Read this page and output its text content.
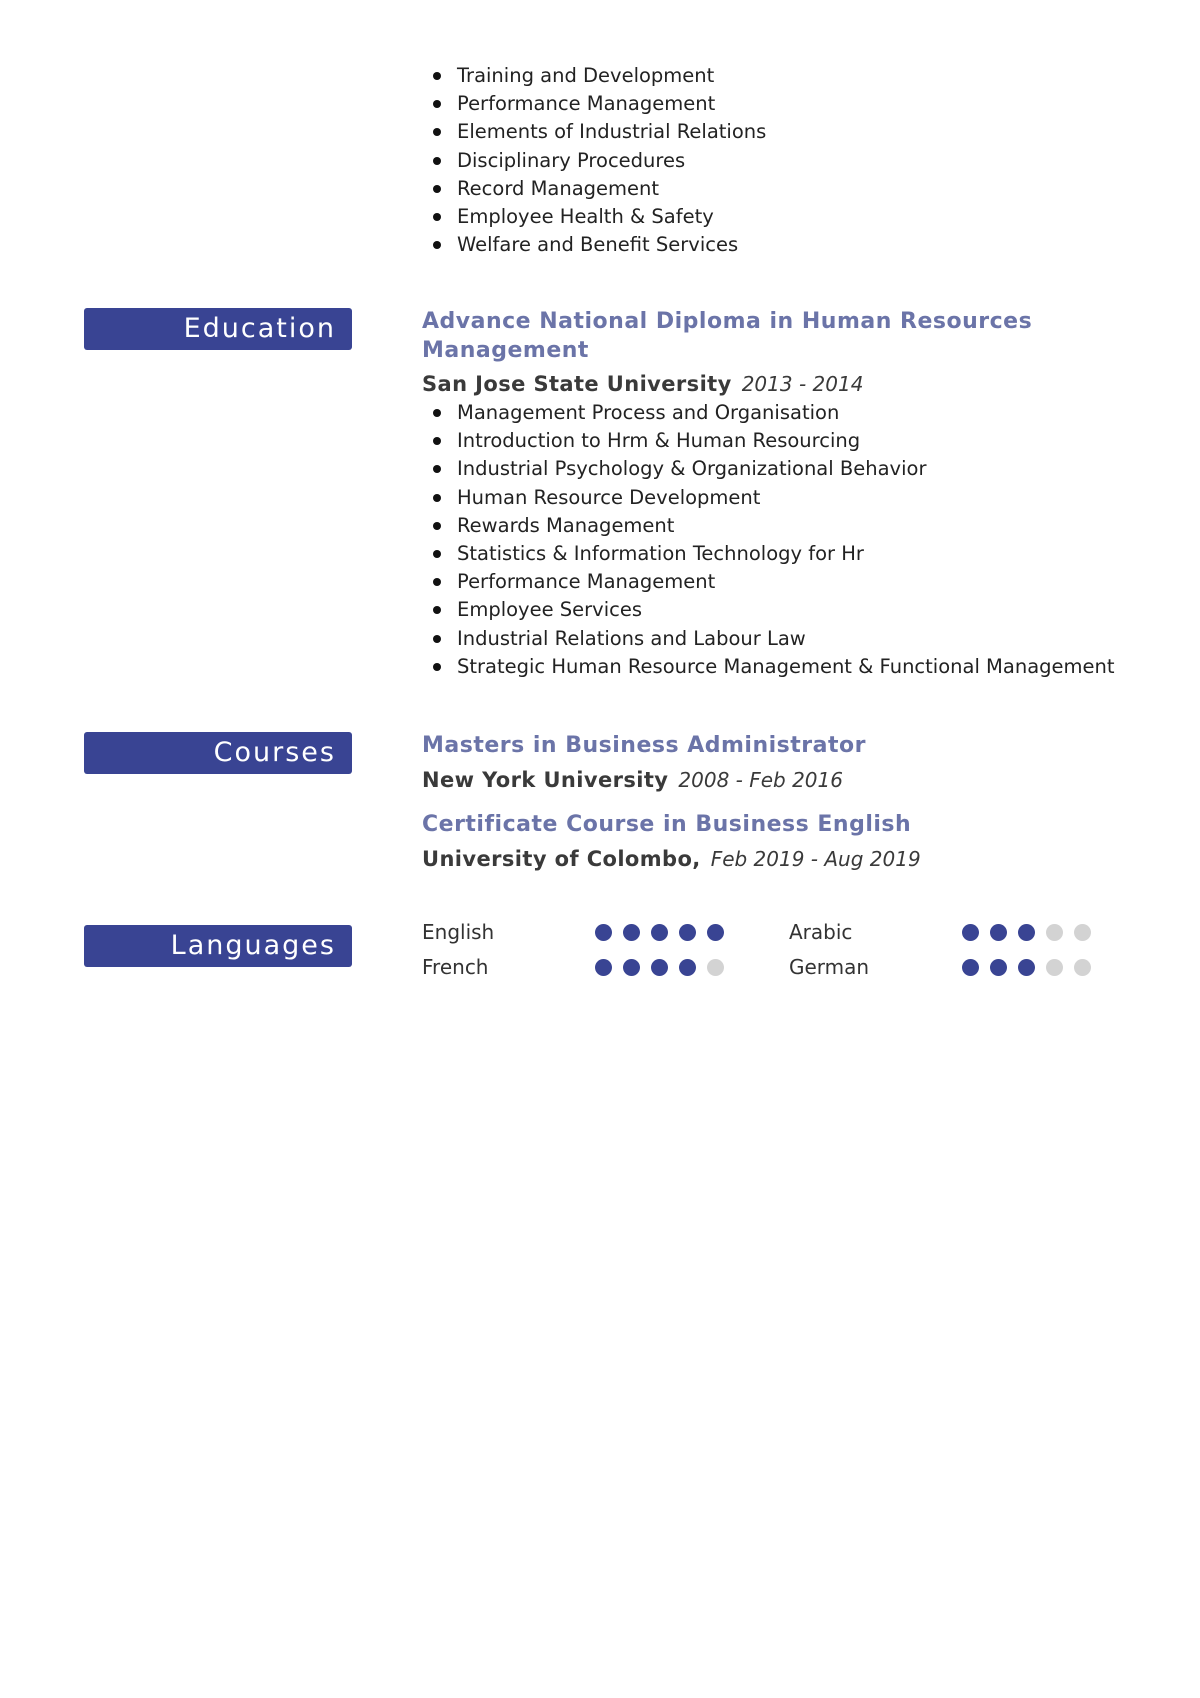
Training and Development
Performance Management
Elements of Industrial Relations
Disciplinary Procedures
Record Management
Employee Health & Safety
Welfare and Benefit Services
Education	Advance National Diploma in Human Resources
Management
San Jose State University 2013 - 2014
Management Process and Organisation
Introduction to Hrm & Human Resourcing
Industrial Psychology & Organizational Behavior
Human Resource Development
Rewards Management
Statistics & Information Technology for Hr
Performance Management
Employee Services
Industrial Relations and Labour Law
Strategic Human Resource Management & Functional Management
Courses	Masters in Business Administrator
New York University 2008 - Feb 2016
Certificate Course in Business English
University of Colombo, Feb 2019 - Aug 2019
Languages	English	Arabic
French	German
